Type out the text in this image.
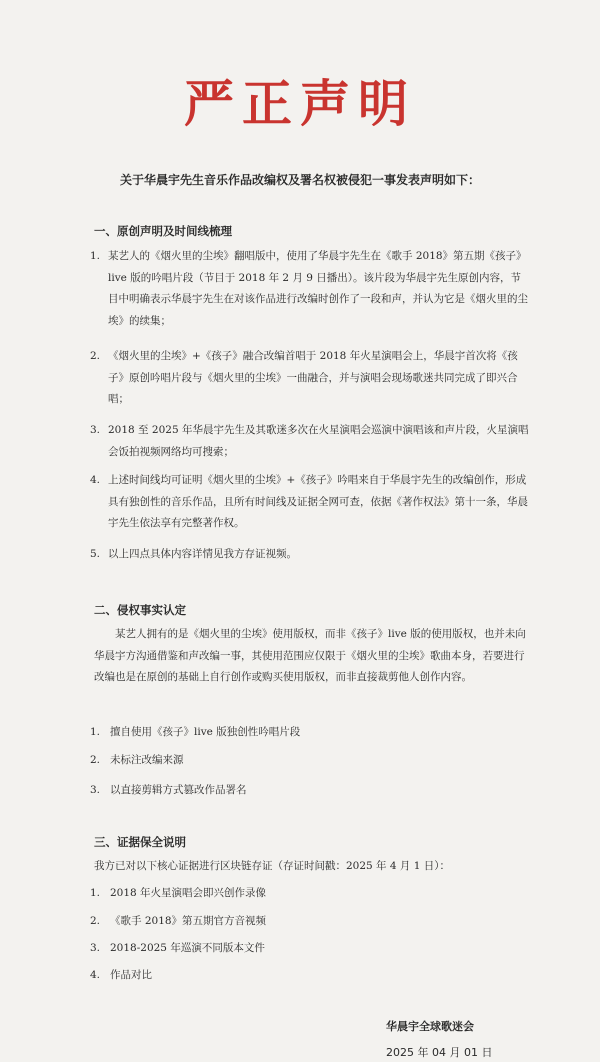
严正声明
关于华晨宇先生音乐作品改编权及署名权被侵犯一事发表声明如下：
一、原创声明及时间线梳理
1. 某艺人的《烟火里的尘埃》翻唱版中，使用了华晨宇先生在《歌手 2018》第五期《孩子》live 版的吟唱片段（节目于 2018 年 2 月 9 日播出）。该片段为华晨宇先生原创内容，节目中明确表示华晨宇先生在对该作品进行改编时创作了一段和声，并认为它是《烟火里的尘埃》的续集；
2. 《烟火里的尘埃》+《孩子》融合改编首唱于 2018 年火星演唱会上，华晨宇首次将《孩子》原创吟唱片段与《烟火里的尘埃》一曲融合，并与演唱会现场歌迷共同完成了即兴合唱；
3. 2018 至 2025 年华晨宇先生及其歌迷多次在火星演唱会巡演中演唱该和声片段，火星演唱会饭拍视频网络均可搜索；
4. 上述时间线均可证明《烟火里的尘埃》+《孩子》吟唱来自于华晨宇先生的改编创作，形成具有独创性的音乐作品，且所有时间线及证据全网可查，依据《著作权法》第十一条，华晨宇先生依法享有完整著作权。
5. 以上四点具体内容详情见我方存证视频。
二、侵权事实认定
某艺人拥有的是《烟火里的尘埃》使用版权，而非《孩子》live 版的使用版权，也并未向华晨宇方沟通借鉴和声改编一事，其使用范围应仅限于《烟火里的尘埃》歌曲本身，若要进行改编也是在原创的基础上自行创作或购买使用版权，而非直接裁剪他人创作内容。
1. 擅自使用《孩子》live 版独创性吟唱片段
2. 未标注改编来源
3. 以直接剪辑方式篡改作品署名
三、证据保全说明
我方已对以下核心证据进行区块链存证（存证时间戳：2025 年 4 月 1 日）：
1. 2018 年火星演唱会即兴创作录像
2. 《歌手 2018》第五期官方音视频
3. 2018-2025 年巡演不同版本文件
4. 作品对比
华晨宇全球歌迷会
2025 年 04 月 01 日
